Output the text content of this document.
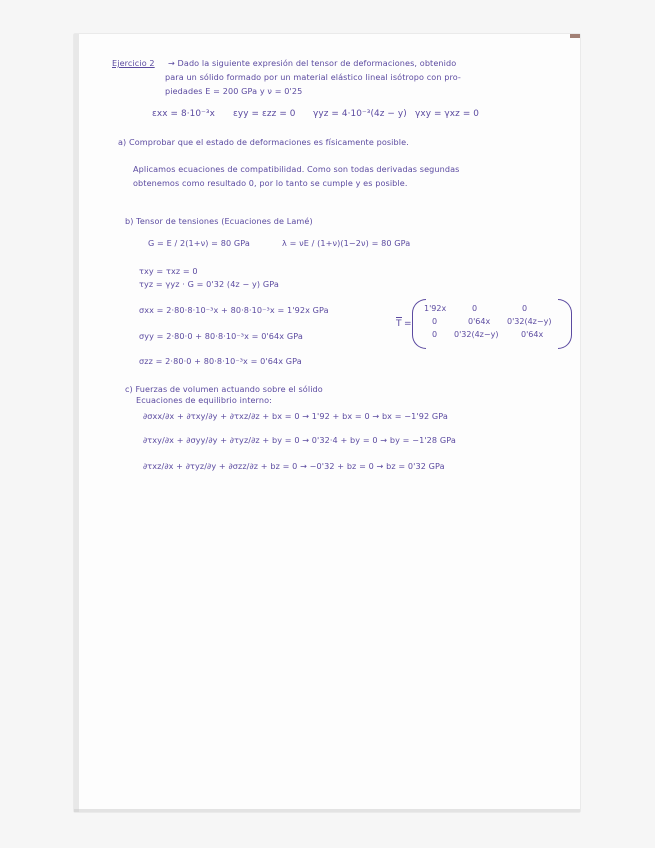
Ejercicio 2 → Dado la siguiente expresión del tensor de deformaciones, obtenido
para un sólido formado por un material elástico lineal isótropo con pro-
piedades E = 200 GPa y ν = 0'25
εxx = 8·10⁻³x εyy = εzz = 0 γyz = 4·10⁻³(4z − y) γxy = γxz = 0
a) Comprobar que el estado de deformaciones es físicamente posible.
Aplicamos ecuaciones de compatibilidad. Como son todas derivadas segundas
obtenemos como resultado 0, por lo tanto se cumple y es posible.
b) Tensor de tensiones (Ecuaciones de Lamé)
G = E / 2(1+ν) = 80 GPa	λ = νE / (1+ν)(1−2ν) = 80 GPa
τxy = τxz = 0
τyz = γyz · G = 0'32 (4z − y) GPa
σxx = 2·80·8·10⁻³x + 80·8·10⁻³x = 1'92x GPa
σyy = 2·80·0 + 80·8·10⁻³x = 0'64x GPa
σzz = 2·80·0 + 80·8·10⁻³x = 0'64x GPa
T =
1'92x	0	0
0	0'64x 0'32(4z−y)
0 0'32(4z−y)	0'64x
c) Fuerzas de volumen actuando sobre el sólido
Ecuaciones de equilibrio interno:
∂σxx/∂x + ∂τxy/∂y + ∂τxz/∂z + bx = 0 → 1'92 + bx = 0 → bx = −1'92 GPa
∂τxy/∂x + ∂σyy/∂y + ∂τyz/∂z + by = 0 → 0'32·4 + by = 0 → by = −1'28 GPa
∂τxz/∂x + ∂τyz/∂y + ∂σzz/∂z + bz = 0 → −0'32 + bz = 0 → bz = 0'32 GPa
